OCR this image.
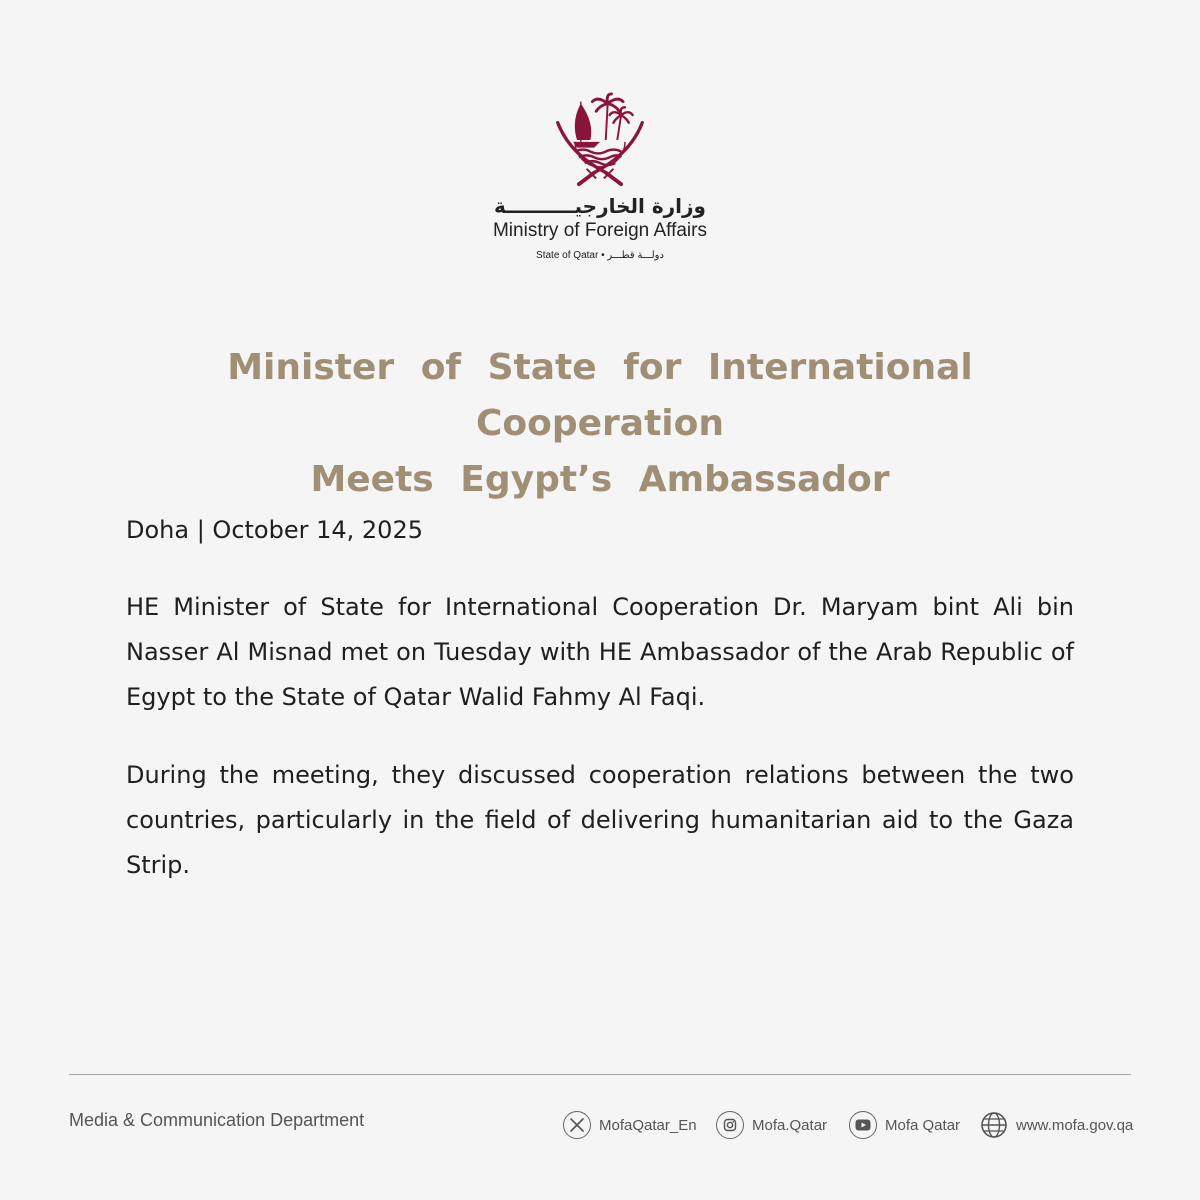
وزارة الخارجيــــــــــة
Ministry of Foreign Affairs
State of Qatar • دولـــة قطـــر
Minister of State for International Cooperation
Meets Egypt’s Ambassador
Doha | October 14, 2025

HE Minister of State for International Cooperation Dr. Maryam bint Ali bin Nasser Al Misnad met on Tuesday with HE Ambassador of the Arab Republic of Egypt to the State of Qatar Walid Fahmy Al Faqi.

During the meeting, they discussed cooperation relations between the two countries, particularly in the field of delivering humanitarian aid to the Gaza Strip.

Media & Communication Department	MofaQatar_En	Mofa.Qatar	Mofa Qatar	www.mofa.gov.qa
